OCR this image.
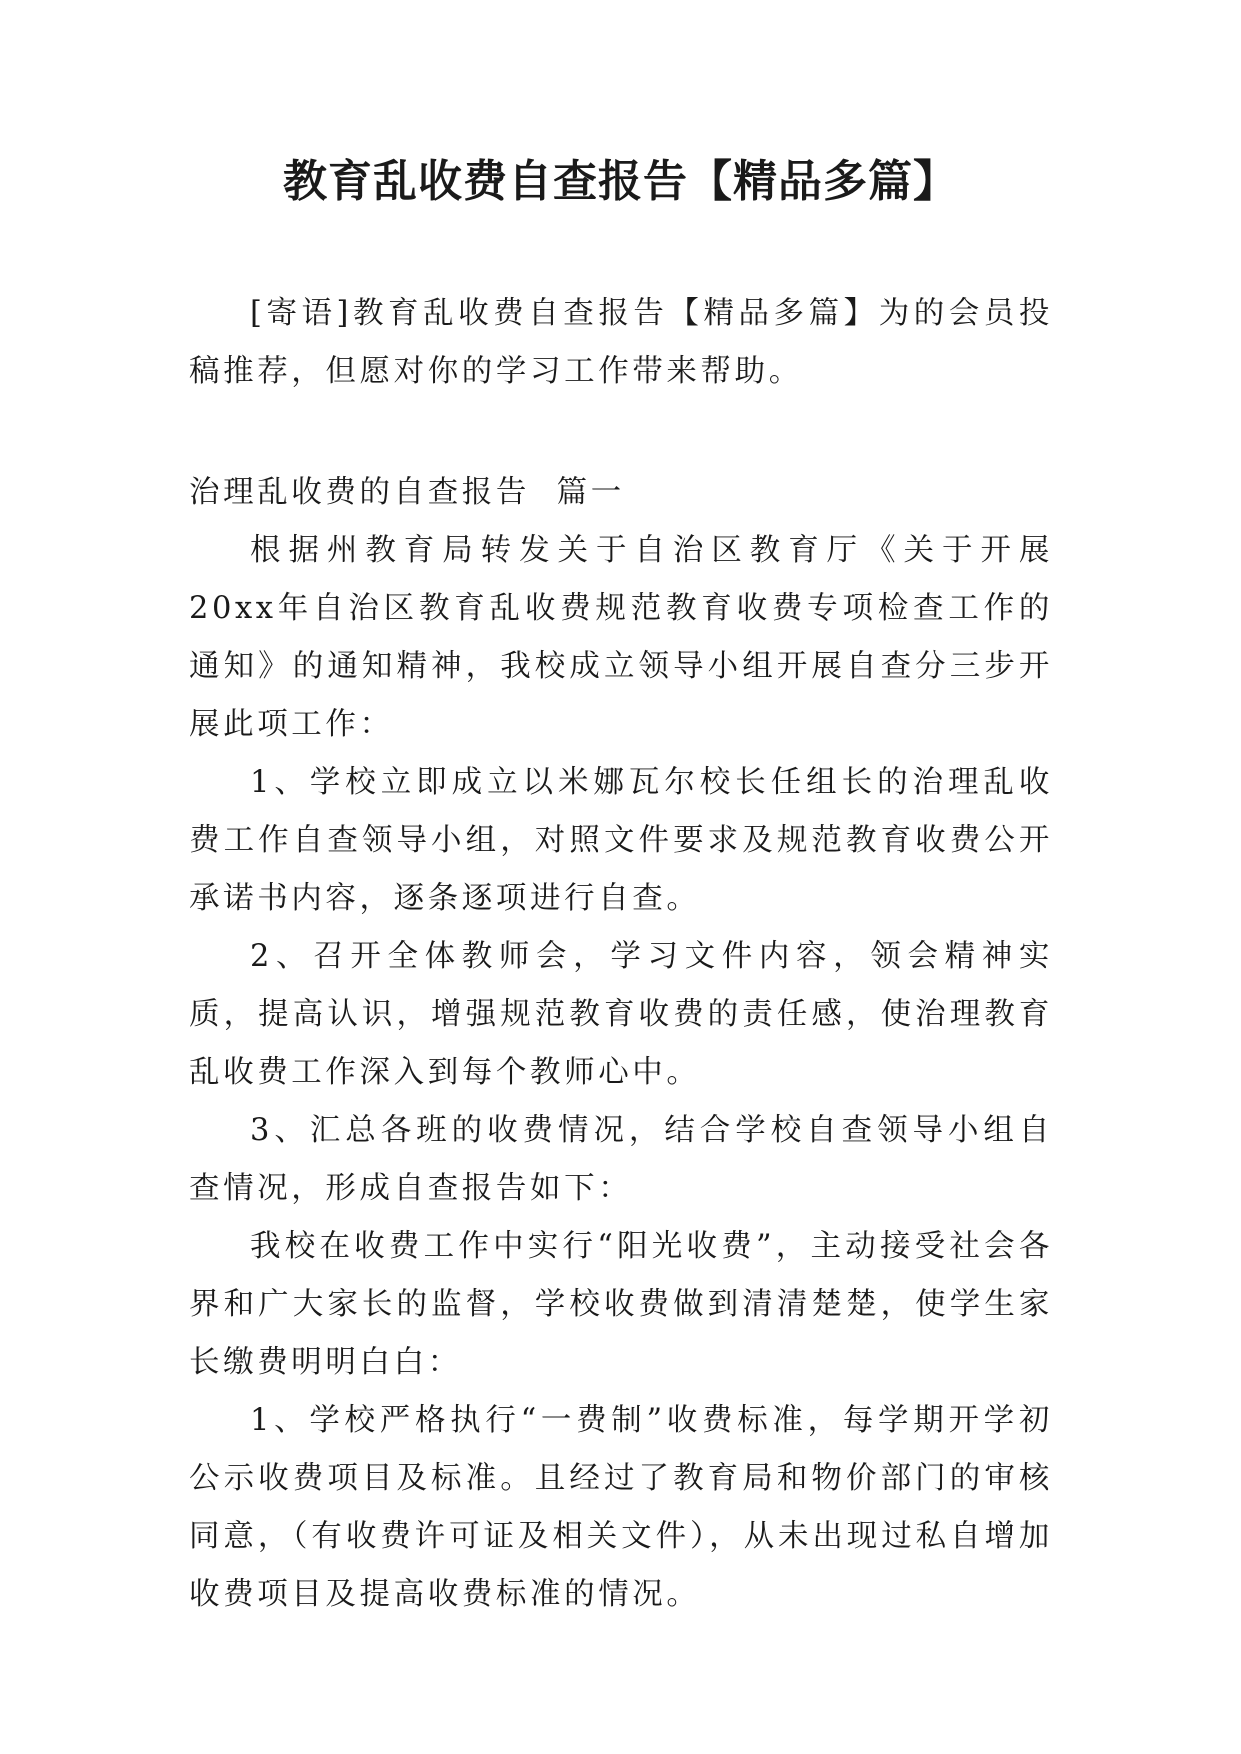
教育乱收费自查报告【精品多篇】

[寄语]教育乱收费自查报告【精品多篇】为的会员投稿推荐，但愿对你的学习工作带来帮助。

治理乱收费的自查报告  篇一

根据州教育局转发关于自治区教育厅《关于开展20xx年自治区教育乱收费规范教育收费专项检查工作的通知》的通知精神，我校成立领导小组开展自查分三步开展此项工作：

1、学校立即成立以米娜瓦尔校长任组长的治理乱收费工作自查领导小组，对照文件要求及规范教育收费公开承诺书内容，逐条逐项进行自查。

2、召开全体教师会，学习文件内容，领会精神实质，提高认识，增强规范教育收费的责任感，使治理教育乱收费工作深入到每个教师心中。

3、汇总各班的收费情况，结合学校自查领导小组自查情况，形成自查报告如下：

我校在收费工作中实行“阳光收费”，主动接受社会各界和广大家长的监督，学校收费做到清清楚楚，使学生家长缴费明明白白：

1、学校严格执行“一费制”收费标准，每学期开学初公示收费项目及标准。且经过了教育局和物价部门的审核同意，（有收费许可证及相关文件），从未出现过私自增加收费项目及提高收费标准的情况。
